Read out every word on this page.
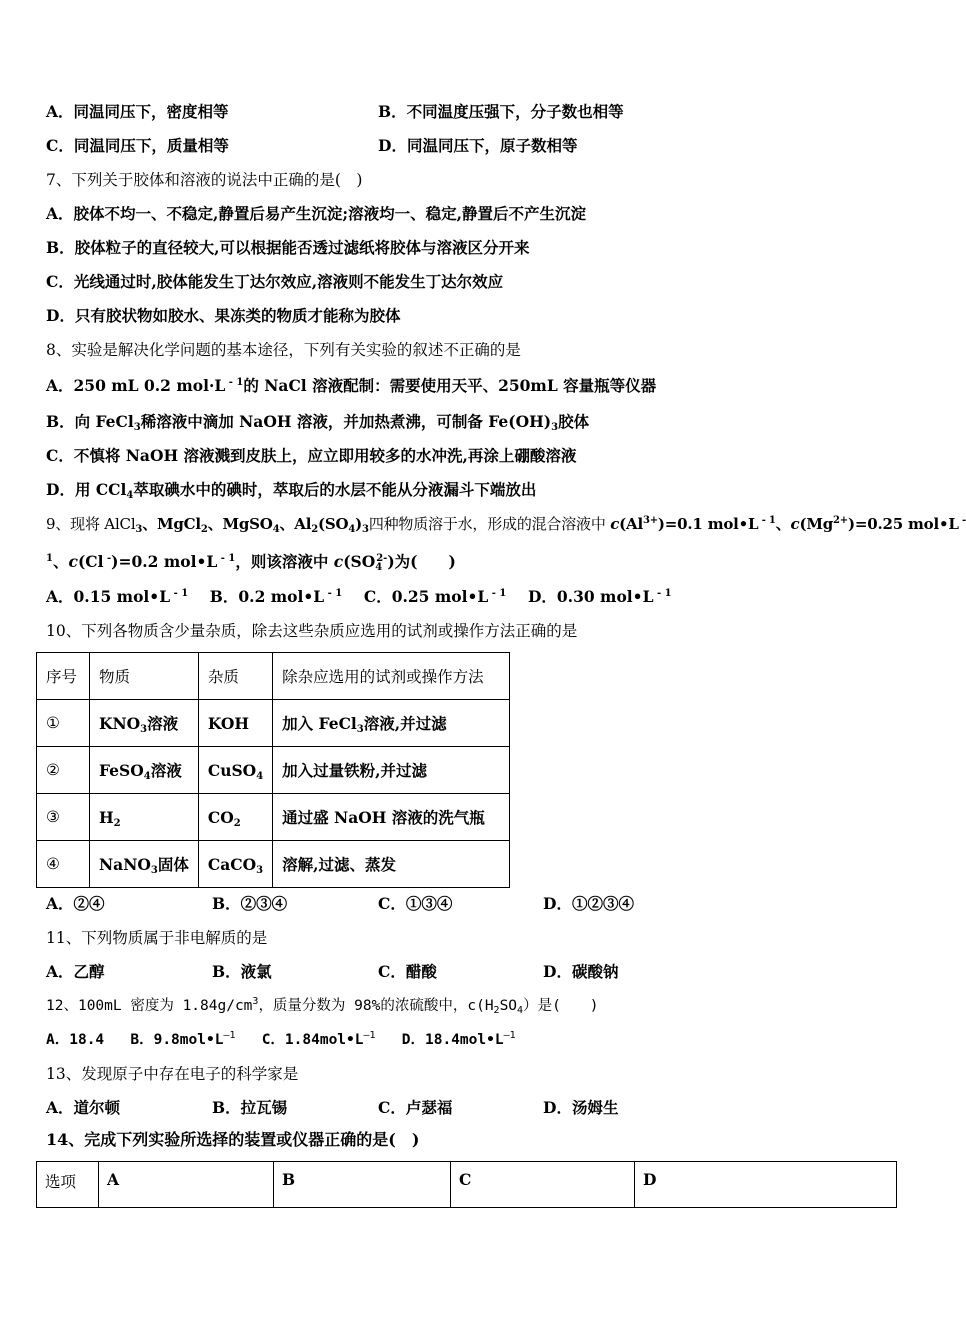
A．同温同压下，密度相等	B．不同温度压强下，分子数也相等
C．同温同压下，质量相等	D．同温同压下，原子数相等
7、下列关于胶体和溶液的说法中正确的是(　)
A．胶体不均一、不稳定,静置后易产生沉淀;溶液均一、稳定,静置后不产生沉淀
B．胶体粒子的直径较大,可以根据能否透过滤纸将胶体与溶液区分开来
C．光线通过时,胶体能发生丁达尔效应,溶液则不能发生丁达尔效应
D．只有胶状物如胶水、果冻类的物质才能称为胶体
8、实验是解决化学问题的基本途径，下列有关实验的叙述不正确的是
A．250 mL 0.2 mol·L $^{- 1}$的 NaCl 溶液配制：需要使用天平、250mL 容量瓶等仪器
B．向 FeCl$_3$稀溶液中滴加 NaOH 溶液，并加热煮沸，可制备 $Fe(OH)_3$胶体
C．不慎将 NaOH 溶液溅到皮肤上，应立即用较多的水冲洗,再涂上硼酸溶液
D．用 CCl$_4$萃取碘水中的碘时，萃取后的水层不能从分液漏斗下端放出
9、现将 AlCl$_3$、MgCl$_2$、MgSO$_4$、$Al_2(SO_4)_3$四种物质溶于水，形成的混合溶液中 $c(Al^{3+})=0.1$ mol•L $^{- 1}$、$c(Mg^{2+})=0.25$ mol•L -
$^1$、c(Cl -)=0.2 mol•L $^{- 1}$，则该溶液中 $c(SO_4^{2-})$为(　　)
A．0.15 mol•L $^{- 1}$ B．0.2 mol•L $^{- 1}$ C．0.25 mol•L $^{- 1}$ D．0.30 mol•L $^{- 1}$
10、下列各物质含少量杂质，除去这些杂质应选用的试剂或操作方法正确的是
序号	物质	杂质	除杂应选用的试剂或操作方法
①	$KNO_3$溶液	KOH	加入 FeCl$_3$溶液,并过滤
②	FeSO$_4$溶液	CuSO$_4$	加入过量铁粉,并过滤
③	$H_2$	$CO_2$	通过盛 NaOH 溶液的洗气瓶
④	NaNO$_3$固体	CaCO$_3$	溶解,过滤、蒸发
A．②④	B．②③④	C．①③④	D．①②③④
11、下列物质属于非电解质的是
A．乙醇	B．液氯	C．醋酸	D．碳酸钠
12、100mL 密度为 $1.84g/cm^3$，质量分数为 98%的浓硫酸中，$c(H_2SO_4)$是(　　)
A．18.4 B．$9.8mol•L^{—1}$ C．$1.84mol•L^{—1}$ D．$18.4mol•L^{—1}$
13、发现原子中存在电子的科学家是
A．道尔顿	B．拉瓦锡	C．卢瑟福	D．汤姆生
14、完成下列实验所选择的装置或仪器正确的是(　)
选项	A	B	C	D
